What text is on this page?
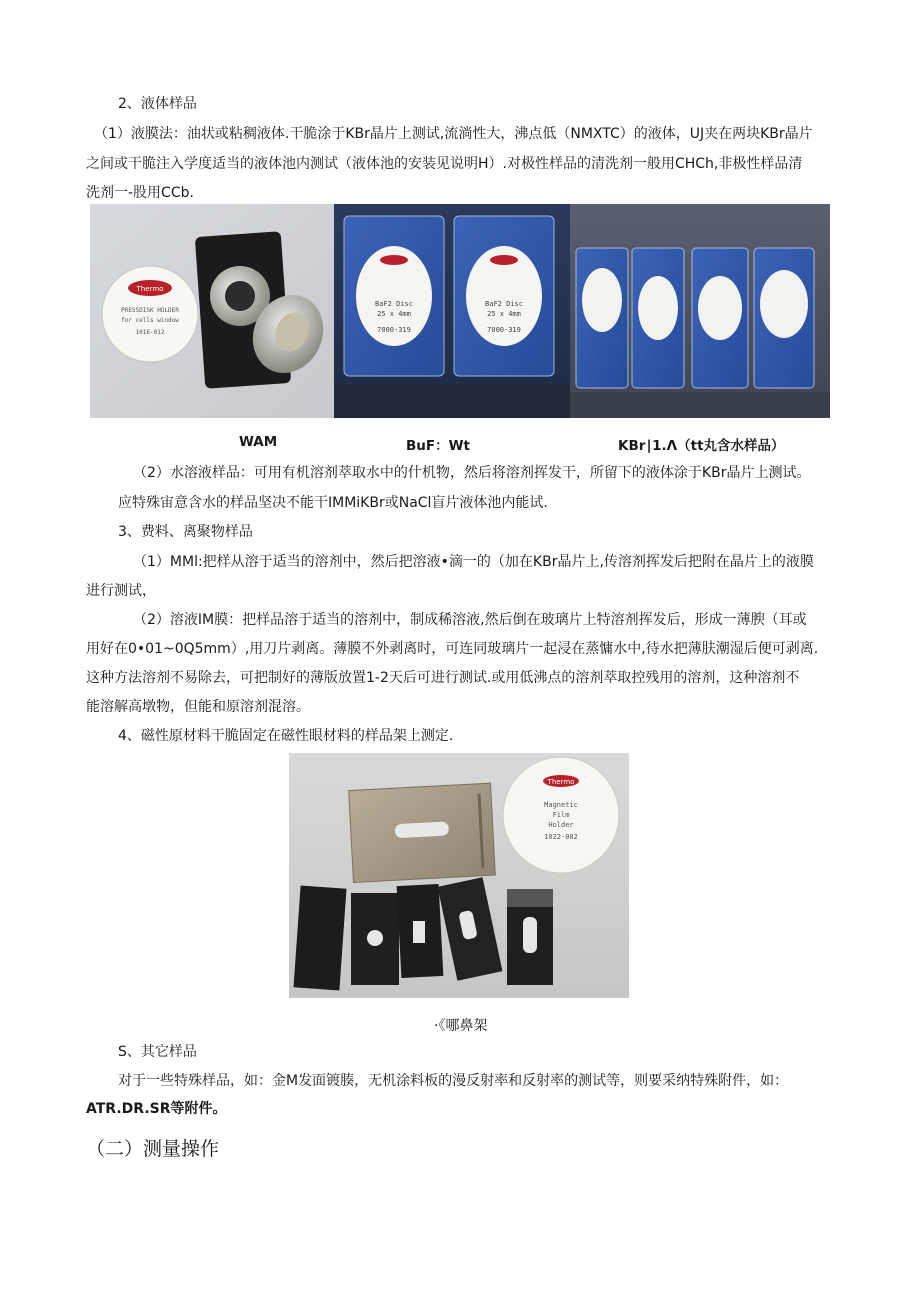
2、液体样品
（1）液膜法：油状或粘稠液体.干脆涂于KBr晶片上测试,流淌性大，沸点低（NMXTC）的液体，UJ夹在两块KBr晶片
之间或干脆注入学度适当的液体池内测试（液体池的安装见说明H）.对极性样品的清洗剂一般用CHCh,非极性样品清
洗剂一-股用CCb.
Thermo
PRESSDISK HOLDER
for cells window
1016-012
BaF2 Disc
25 x 4mm
7000-319
BaF2 Disc
25 x 4mm
7000-319
WAM	BuF：Wt	KBr∣1.Λ（tt丸含水样品）
（2）水溶液样品：可用有机溶剂萃取水中的什机物，然后将溶剂挥发干，所留下的液体涂于KBr晶片上测试。
应特殊宙意含水的样品坚决不能干IMMiKBr或NaCl盲片液体池内能试.
3、费料、离聚物样品
（1）MMl:把样从溶于适当的溶剂中，然后把溶液•滴一的（加在KBr晶片上,传溶剂挥发后把附在晶片上的液膜
进行测试，
（2）溶液IM膜：把样品溶于适当的溶剂中，制成稀溶液,然后倒在玻璃片上特溶剂挥发后，形成一薄腴（耳或
用好在0•01~0Q5mm）,用刀片剥离。薄膜不外剥离时，可连同玻璃片一起浸在蒸慵水中,待水把薄肤潮湿后便可剥离.
这种方法溶剂不易除去，可把制好的薄版放置1-2天后可进行测试.或用低沸点的溶剂萃取控残用的溶剂，这种溶剂不
能溶解高墩物，但能和原溶剂混溶。
4、磁性原材料干脆固定在磁性眼材料的样品架上测定.
Thermo
Magnetic
Film
Holder
1022-002
·《哪鼻架
S、其它样品
对于一些特殊样品，如：金M发面镀腠，无机涂料板的漫反射率和反射率的测试等，则要采纳特殊附件，如：
ATR.DR.SR等附件。
（二）测量操作
